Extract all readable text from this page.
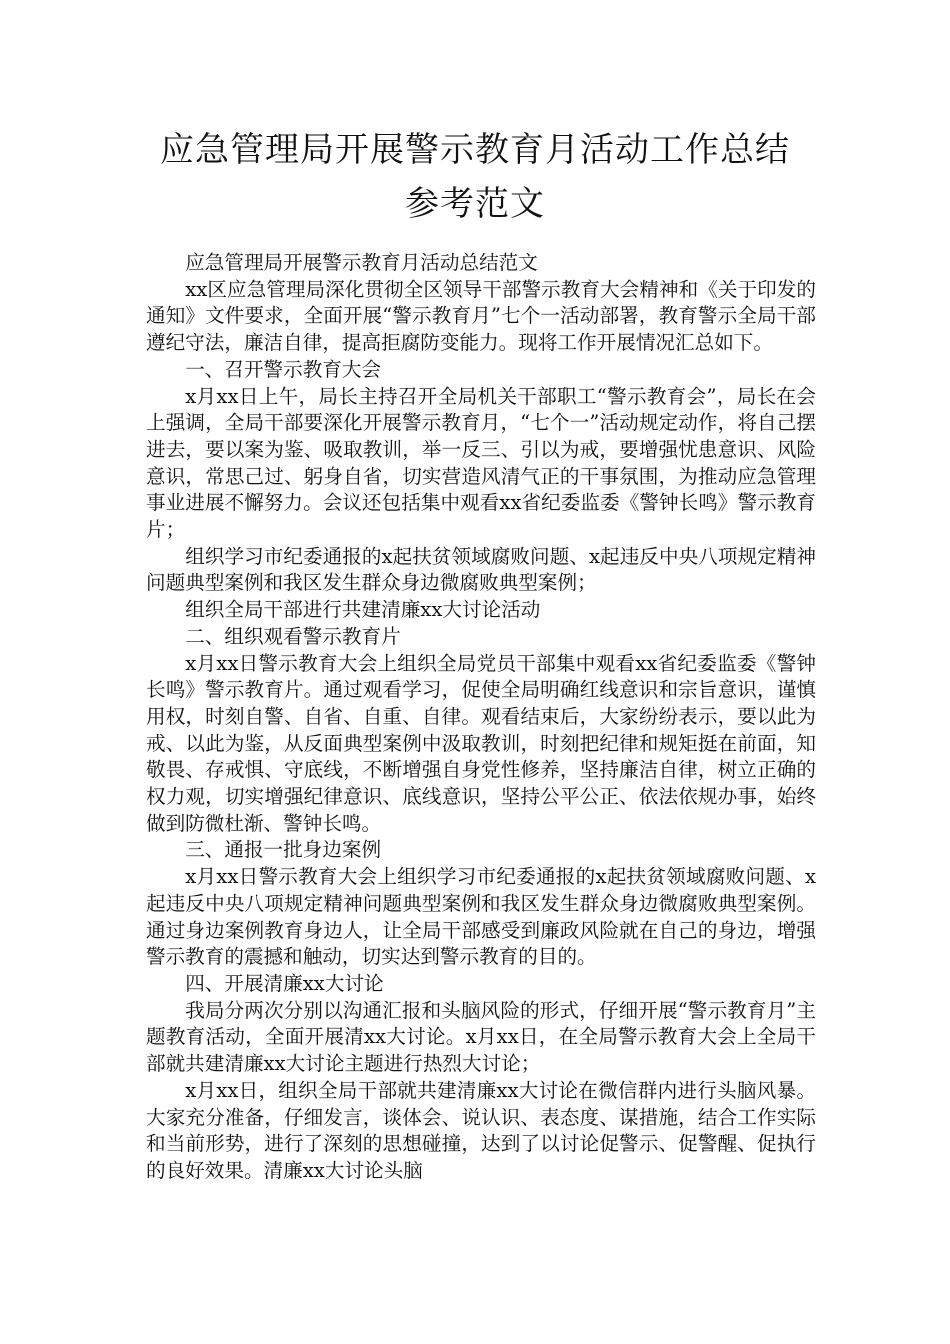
应急管理局开展警示教育月活动工作总结
参考范文

应急管理局开展警示教育月活动总结范文

xx区应急管理局深化贯彻全区领导干部警示教育大会精神和《关于印发的通知》文件要求，全面开展“警示教育月”七个一活动部署，教育警示全局干部遵纪守法，廉洁自律，提高拒腐防变能力。现将工作开展情况汇总如下。

一、召开警示教育大会

x月xx日上午，局长主持召开全局机关干部职工“警示教育会”，局长在会上强调，全局干部要深化开展警示教育月，“七个一”活动规定动作，将自己摆进去，要以案为鉴、吸取教训，举一反三、引以为戒，要增强忧患意识、风险意识，常思己过、躬身自省，切实营造风清气正的干事氛围，为推动应急管理事业进展不懈努力。会议还包括集中观看xx省纪委监委《警钟长鸣》警示教育片；

组织学习市纪委通报的x起扶贫领域腐败问题、x起违反中央八项规定精神问题典型案例和我区发生群众身边微腐败典型案例；

组织全局干部进行共建清廉xx大讨论活动

二、组织观看警示教育片

x月xx日警示教育大会上组织全局党员干部集中观看xx省纪委监委《警钟长鸣》警示教育片。通过观看学习，促使全局明确红线意识和宗旨意识，谨慎用权，时刻自警、自省、自重、自律。观看结束后，大家纷纷表示，要以此为戒、以此为鉴，从反面典型案例中汲取教训，时刻把纪律和规矩挺在前面，知敬畏、存戒惧、守底线，不断增强自身党性修养，坚持廉洁自律，树立正确的权力观，切实增强纪律意识、底线意识，坚持公平公正、依法依规办事，始终做到防微杜渐、警钟长鸣。

三、通报一批身边案例

x月xx日警示教育大会上组织学习市纪委通报的x起扶贫领域腐败问题、x起违反中央八项规定精神问题典型案例和我区发生群众身边微腐败典型案例。通过身边案例教育身边人，让全局干部感受到廉政风险就在自己的身边，增强警示教育的震撼和触动，切实达到警示教育的目的。

四、开展清廉xx大讨论

我局分两次分别以沟通汇报和头脑风险的形式，仔细开展“警示教育月”主题教育活动，全面开展清xx大讨论。x月xx日，在全局警示教育大会上全局干部就共建清廉xx大讨论主题进行热烈大讨论；

x月xx日，组织全局干部就共建清廉xx大讨论在微信群内进行头脑风暴。大家充分准备，仔细发言，谈体会、说认识、表态度、谋措施，结合工作实际和当前形势，进行了深刻的思想碰撞，达到了以讨论促警示、促警醒、促执行的良好效果。清廉xx大讨论头脑
